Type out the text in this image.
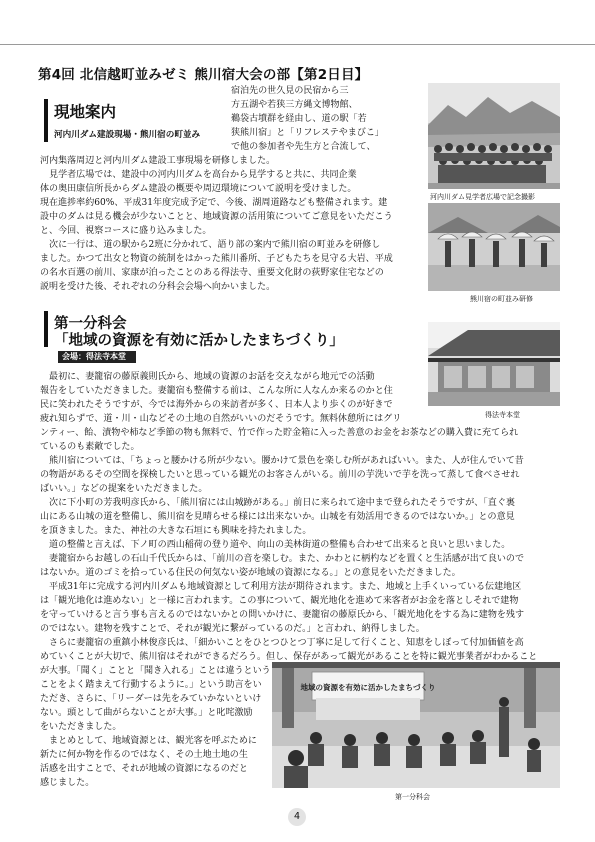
第4回 北信越町並みゼミ 熊川宿大会の部【第2日目】
現地案内
河内川ダム建設現場・熊川宿の町並み
宿泊先の世久見の民宿から三
方五湖や若狭三方縄文博物館、
鵜袋古墳群を経由し、道の駅「若
狭熊川宿」と「リフレステやまびこ」
で他の参加者や先生方と合流して、
河内集落周辺と河内川ダム建設工事現場を研修しました。
　見学者広場では、建設中の河内川ダムを高台から見学すると共に、共同企業
体の奥田康信所長からダム建設の概要や周辺環境について説明を受けました。
現在進捗率約60%、平成31年度完成予定で、今後、湖周道路なども整備されます。建
設中のダムは見る機会が少ないことと、地域資源の活用策についてご意見をいただこう
と、今回、視察コースに盛り込みました。
　次に一行は、道の駅から2班に分かれて、語り部の案内で熊川宿の町並みを研修し
ました。かつて出女と物資の統制をはかった熊川番所、子どもたちを見守る大岩、平成
の名水百選の前川、家康が泊ったことのある得法寺、重要文化財の荻野家住宅などの
説明を受けた後、それぞれの分科会会場へ向かいました。
河内川ダム見学者広場で記念撮影
熊川宿の町並み研修
第一分科会
「地域の資源を有効に活かしたまちづくり」
会場：得法寺本堂
得法寺本堂
　最初に、妻籠宿の藤原義則氏から、地域の資源のお話を交えながら地元での活動
報告をしていただきました。妻籠宿も整備する前は、こんな所に人なんか来るのかと住
民に笑われたそうですが、今では海外からの来訪者が多く、日本人より歩くのが好きで
疲れ知らずで、道・川・山などその土地の自然がいいのだそうです。無料休憩所にはグリ
ンティー、飴、漬物や柿など季節の物も無料で、竹で作った貯金箱に入った善意のお金をお茶などの購入費に充てられ
ているのも素敵でした。
　熊川宿については、「ちょっと腰かける所が少ない。腰かけて景色を楽しむ所があればいい。また、人が住んでいて昔
の物語があるその空間を探検したいと思っている観光のお客さんがいる。前川の芋洗いで芋を洗って蒸して食べさせれ
ばいい。」などの提案をいただきました。
　次に下小町の芳我明彦氏から、「熊川宿には山城跡がある。」前日に来られて途中まで登られたそうですが、「直ぐ裏
山にある山城の道を整備し、熊川宿を見晴らせる様には出来ないか。山城を有効活用できるのではないか。」との意見
を頂きました。また、神社の大きな石垣にも興味を持たれました。
　道の整備と言えば、下ノ町の西山稲荷の登り道や、向山の美林街道の整備も合わせて出来ると良いと思いました。
　妻籠宿からお越しの石山千代氏からは、「前川の音を楽しむ。また、かわとに柄杓などを置くと生活感が出て良いので
はないか。道のゴミを拾っている住民の何気ない姿が地域の資源になる。」との意見をいただきました。
　平成31年に完成する河内川ダムも地域資源として利用方法が期待されます。また、地域と上手くいっている伝建地区
は「観光地化は進めない」と一様に言われます。この事について、観光地化を進めて来客者がお金を落としそれで建物
を守っていけると言う事も言えるのではないかとの問いかけに、妻籠宿の藤原氏から、「観光地化をする為に建物を残す
のではない。建物を残すことで、それが観光に繋がっているのだ。」と言われ、納得しました。
　さらに妻籠宿の重鎮小林俊彦氏は、「細かいことをひとつひとつ丁寧に足して行くこと、知恵をしぼって付加価値を高
めていくことが大切で、熊川宿はそれができるだろう。但し、保存があって観光があることを特に観光事業者がわかること
が大事。「聞く」ことと「聞き入れる」ことは違うという
ことをよく踏まえて行動するように。」という助言をい
ただき、さらに、「リーダーは先をみていかないといけ
ない。頭として曲がらないことが大事。」と叱咤激励
をいただきました。
　まとめとして、地域資源とは、観光客を呼ぶために
新たに何か物を作るのではなく、その土地土地の生
活感を出すことで、それが地域の資源になるのだと
感じました。
地域の資源を有効に活かしたまちづくり
第一分科会
4
